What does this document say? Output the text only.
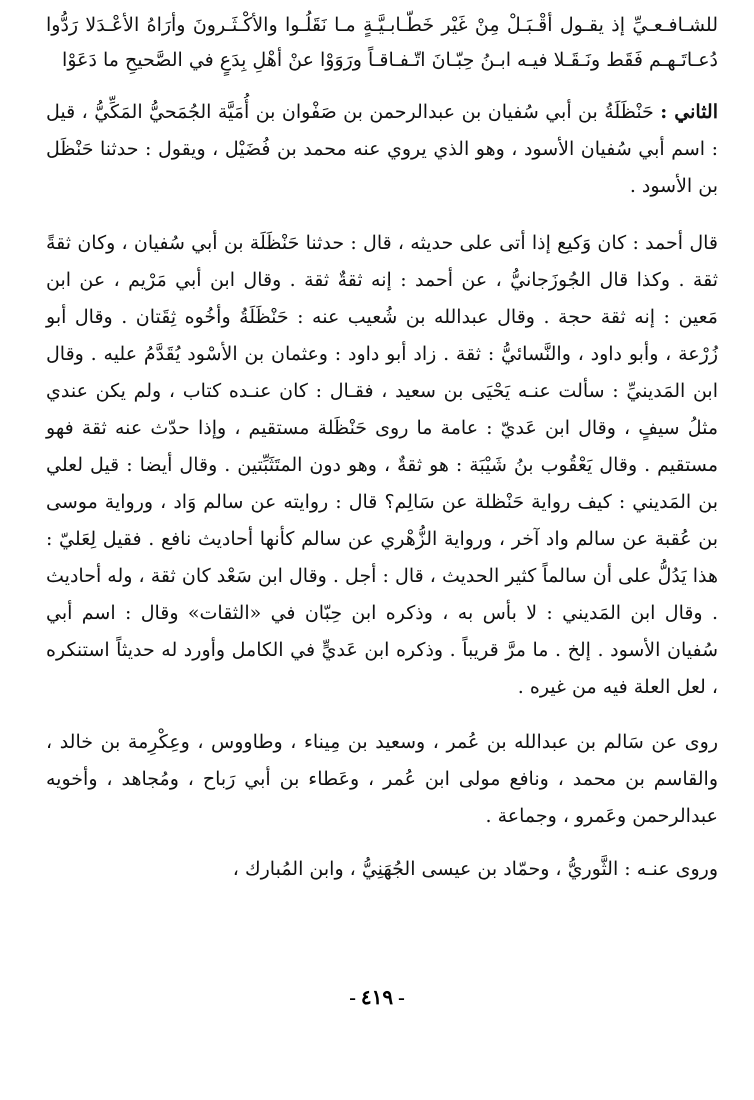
للشـافـعـيِّ إذ يقـول أقْـبَـلْ مِنْ غَيْر خَطّـابـيَّـةٍ مـا نَقَلُـوا والأكْـثَـرونَ وأرَاهُ الأعْـدَلا رَدُّوا دُعـاتَـهـم فَقَط ونَـقَـلا فيـه ابـنُ حِبّـانَ اتّـفـاقـاً ورَوَوْا عنْ أهْلِ بِدَعٍ في الصَّحيحِ ما دَعَوْا

الثاني : حَنْظَلَةُ بن أبي سُفيان بن عبدالرحمن بن صَفْوان بن أُمَيَّة الجُمَحيُّ المَكِّيُّ ، قيل : اسم أبي سُفيان الأسود ، وهو الذي يروي عنه محمد بن فُضَيْل ، ويقول : حدثنا حَنْظَل بن الأسود .

قال أحمد : كان وَكيع إذا أتى على حديثه ، قال : حدثنا حَنْظَلَة بن أبي سُفيان ، وكان ثقةً ثقة . وكذا قال الجُوزَجانيُّ ، عن أحمد : إنه ثقةٌ ثقة . وقال ابن أبي مَرْيم ، عن ابن مَعين : إنه ثقة حجة . وقال عبدالله بن شُعيب عنه : حَنْظَلَةُ وأخُوه ثِقَتان . وقال أبو زُرْعة ، وأبو داود ، والنَّسائيُّ : ثقة . زاد أبو داود : وعثمان بن الأسْود يُقَدَّمُ عليه . وقال ابن المَدينيِّ : سألت عنـه يَحْيَى بن سعيد ، فقـال : كان عنـده كتاب ، ولم يكن عندي مثلُ سيفٍ ، وقال ابن عَديّ : عامة ما روى حَنْظَلة مستقيم ، وإذا حدّث عنه ثقة فهو مستقيم . وقال يَعْقُوب بنُ شَيْبَة : هو ثقةٌ ، وهو دون المتَثَبِّتين . وقال أيضا : قيل لعلي بن المَديني : كيف رواية حَنْظلة عن سَالِم؟ قال : روايته عن سالم وَاد ، ورواية موسى بن عُقبة عن سالم واد آخر ، ورواية الزُّهْري عن سالم كأنها أحاديث نافع . فقيل لِعَليّ : هذا يَدُلُّ على أن سالماً كثير الحديث ، قال : أجل . وقال ابن سَعْد كان ثقة ، وله أحاديث . وقال ابن المَديني : لا بأس به ، وذكره ابن حِبّان في «الثقات» وقال : اسم أبي سُفيان الأسود . إلخ . ما مرَّ قريباً . وذكره ابن عَديٍّ في الكامل وأورد له حديثاً استنكره ، لعل العلة فيه من غيره .

روى عن سَالم بن عبدالله بن عُمر ، وسعيد بن مِيناء ، وطاووس ، وعِكْرِمة بن خالد ، والقاسم بن محمد ، ونافع مولى ابن عُمر ، وعَطاء بن أبي رَباح ، ومُجاهد ، وأخويه عبدالرحمن وعَمرو ، وجماعة .

وروى عنـه : الثَّوريُّ ، وحمّاد بن عيسى الجُهَنِيُّ ، وابن المُبارك ،

- ٤١٩ -
